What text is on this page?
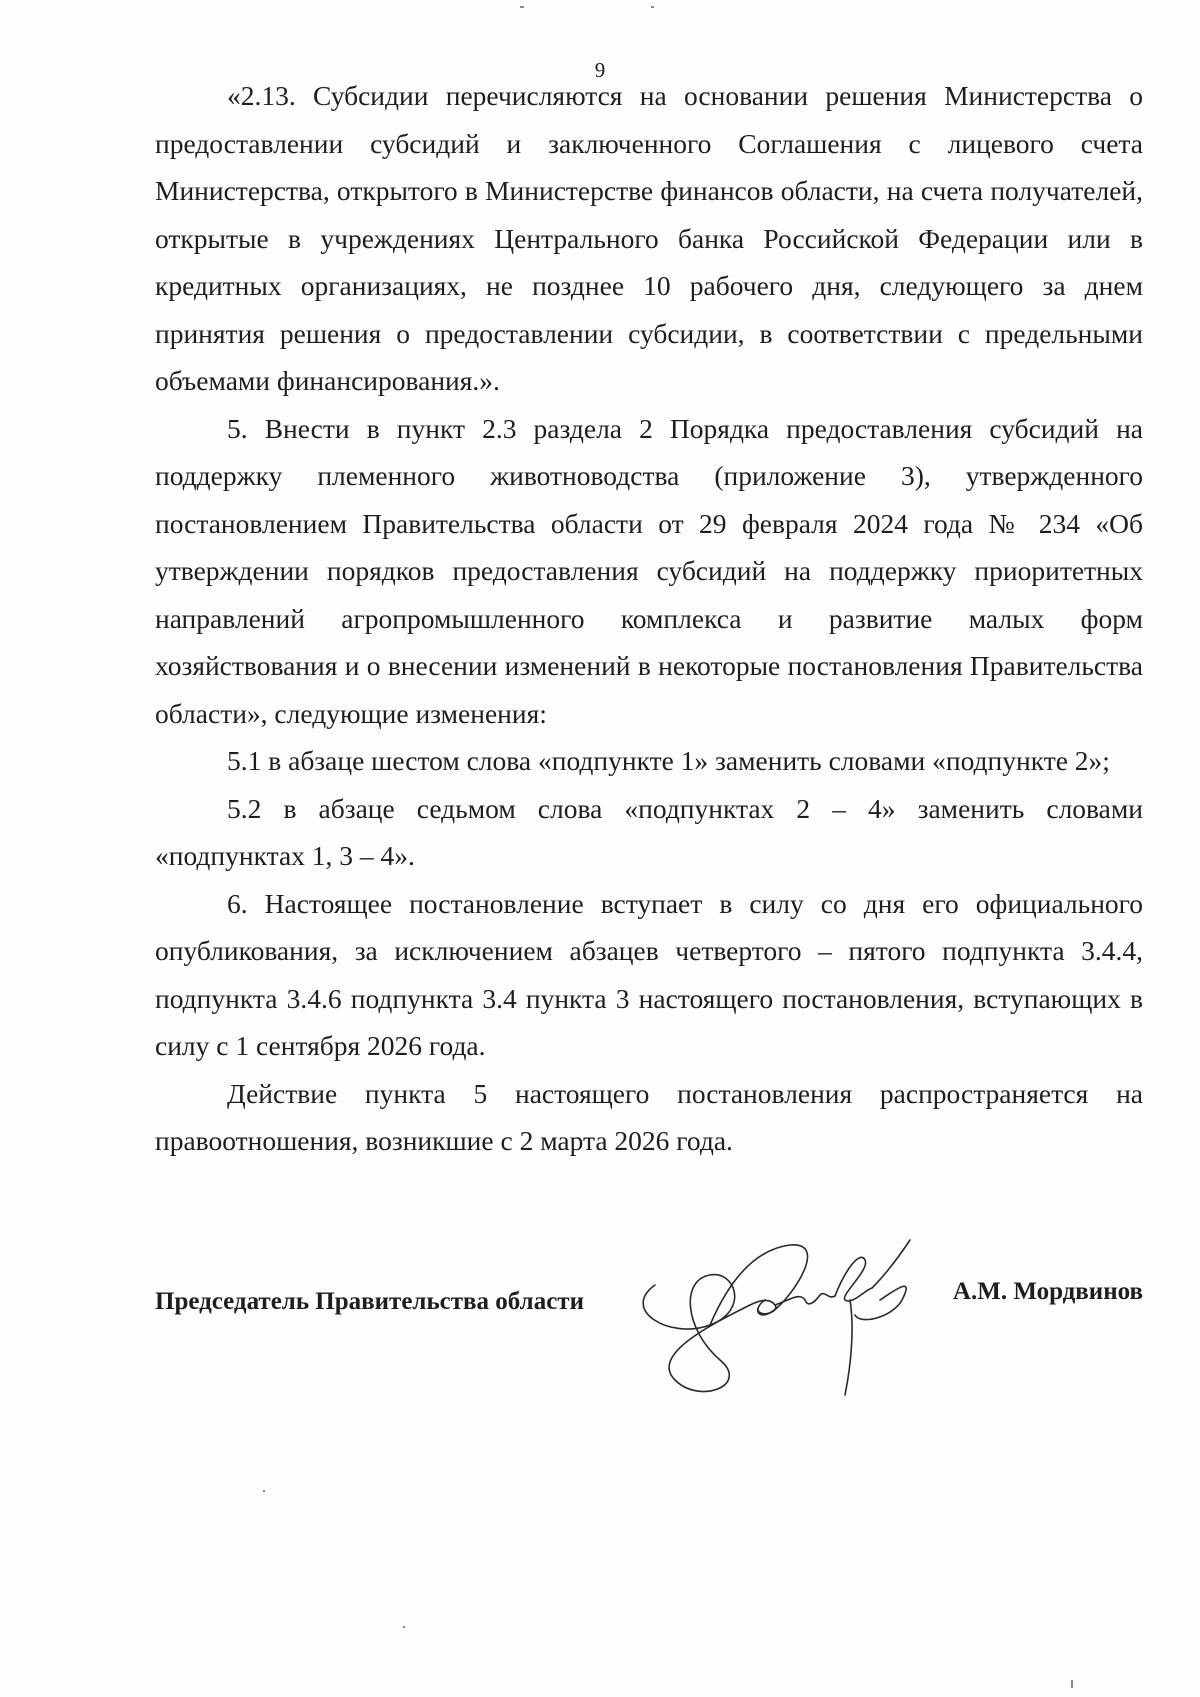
9

«2.13. Субсидии перечисляются на основании решения Министерства о предоставлении субсидий и заключенного Соглашения с лицевого счета Министерства, открытого в Министерстве финансов области, на счета получателей, открытые в учреждениях Центрального банка Российской Федерации или в кредитных организациях, не позднее 10 рабочего дня, следующего за днем принятия решения о предоставлении субсидии, в соответствии с предельными объемами финансирования.».

5. Внести в пункт 2.3 раздела 2 Порядка предоставления субсидий на поддержку племенного животноводства (приложение 3), утвержденного постановлением Правительства области от 29 февраля 2024 года № 234 «Об утверждении порядков предоставления субсидий на поддержку приоритетных направлений агропромышленного комплекса и развитие малых форм хозяйствования и о внесении изменений в некоторые постановления Правительства области», следующие изменения:

5.1 в абзаце шестом слова «подпункте 1» заменить словами «подпункте 2»;

5.2 в абзаце седьмом слова «подпунктах 2 – 4» заменить словами «подпунктах 1, 3 – 4».

6. Настоящее постановление вступает в силу со дня его официального опубликования, за исключением абзацев четвертого – пятого подпункта 3.4.4, подпункта 3.4.6 подпункта 3.4 пункта 3 настоящего постановления, вступающих в силу с 1 сентября 2026 года.

Действие пункта 5 настоящего постановления распространяется на правоотношения, возникшие с 2 марта 2026 года.

Председатель Правительства области	А.М. Мордвинов
